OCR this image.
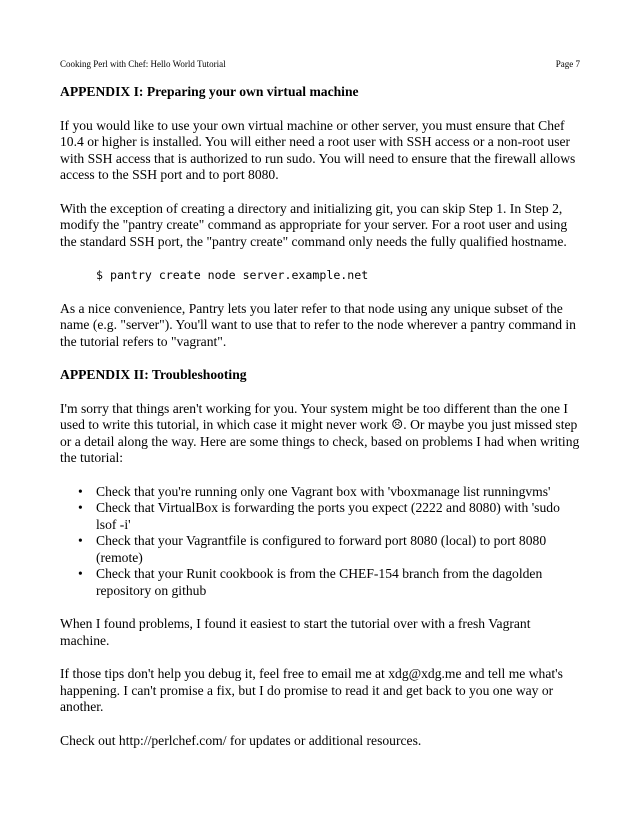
Cooking Perl with Chef: Hello World Tutorial	Page 7
APPENDIX I: Preparing your own virtual machine

If you would like to use your own virtual machine or other server, you must ensure that Chef 10.4 or higher is installed. You will either need a root user with SSH access or a non-root user with SSH access that is authorized to run sudo. You will need to ensure that the firewall allows access to the SSH port and to port 8080.

With the exception of creating a directory and initializing git, you can skip Step 1. In Step 2, modify the "pantry create" command as appropriate for your server. For a root user and using the standard SSH port, the "pantry create" command only needs the fully qualified hostname.

$ pantry create node server.example.net

As a nice convenience, Pantry lets you later refer to that node using any unique subset of the name (e.g. "server"). You'll want to use that to refer to the node wherever a pantry command in the tutorial refers to "vagrant".

APPENDIX II: Troubleshooting

I'm sorry that things aren't working for you. Your system might be too different than the one I used to write this tutorial, in which case it might never work ☹. Or maybe you just missed step or a detail along the way. Here are some things to check, based on problems I had when writing the tutorial:

• Check that you're running only one Vagrant box with 'vboxmanage list runningvms'
• Check that VirtualBox is forwarding the ports you expect (2222 and 8080) with 'sudo lsof -i'
• Check that your Vagrantfile is configured to forward port 8080 (local) to port 8080 (remote)
• Check that your Runit cookbook is from the CHEF-154 branch from the dagolden repository on github

When I found problems, I found it easiest to start the tutorial over with a fresh Vagrant machine.

If those tips don't help you debug it, feel free to email me at xdg@xdg.me and tell me what's happening. I can't promise a fix, but I do promise to read it and get back to you one way or another.

Check out http://perlchef.com/ for updates or additional resources.
